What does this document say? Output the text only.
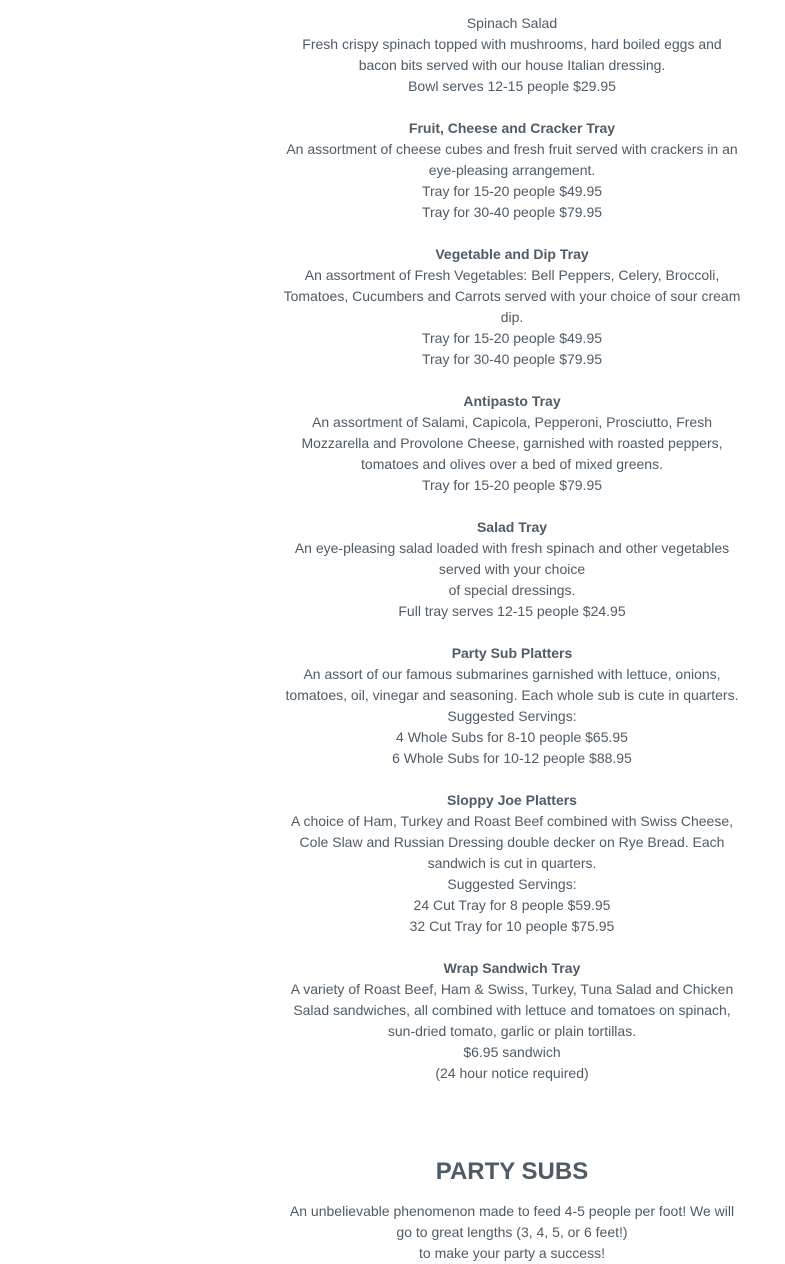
Spinach Salad
Fresh crispy spinach topped with mushrooms, hard boiled eggs and bacon bits served with our house Italian dressing.
Bowl serves 12-15 people $29.95
Fruit, Cheese and Cracker Tray
An assortment of cheese cubes and fresh fruit served with crackers in an eye-pleasing arrangement.
Tray for 15-20 people $49.95
Tray for 30-40 people $79.95
Vegetable and Dip Tray
An assortment of Fresh Vegetables: Bell Peppers, Celery, Broccoli, Tomatoes, Cucumbers and Carrots served with your choice of sour cream dip.
Tray for 15-20 people $49.95
Tray for 30-40 people $79.95
Antipasto Tray
An assortment of Salami, Capicola, Pepperoni, Prosciutto, Fresh Mozzarella and Provolone Cheese, garnished with roasted peppers, tomatoes and olives over a bed of mixed greens.
Tray for 15-20 people $79.95
Salad Tray
An eye-pleasing salad loaded with fresh spinach and other vegetables served with your choice
of special dressings.
Full tray serves 12-15 people $24.95
Party Sub Platters
An assort of our famous submarines garnished with lettuce, onions, tomatoes, oil, vinegar and seasoning. Each whole sub is cute in quarters.
Suggested Servings:
4 Whole Subs for 8-10 people $65.95
6 Whole Subs for 10-12 people $88.95
Sloppy Joe Platters
A choice of Ham, Turkey and Roast Beef combined with Swiss Cheese, Cole Slaw and Russian Dressing double decker on Rye Bread. Each sandwich is cut in quarters.
Suggested Servings:
24 Cut Tray for 8 people $59.95
32 Cut Tray for 10 people $75.95
Wrap Sandwich Tray
A variety of Roast Beef, Ham & Swiss, Turkey, Tuna Salad and Chicken Salad sandwiches, all combined with lettuce and tomatoes on spinach, sun-dried tomato, garlic or plain tortillas.
$6.95 sandwich
(24 hour notice required)
PARTY SUBS
An unbelievable phenomenon made to feed 4-5 people per foot! We will go to great lengths (3, 4, 5, or 6 feet!)
to make your party a success!
